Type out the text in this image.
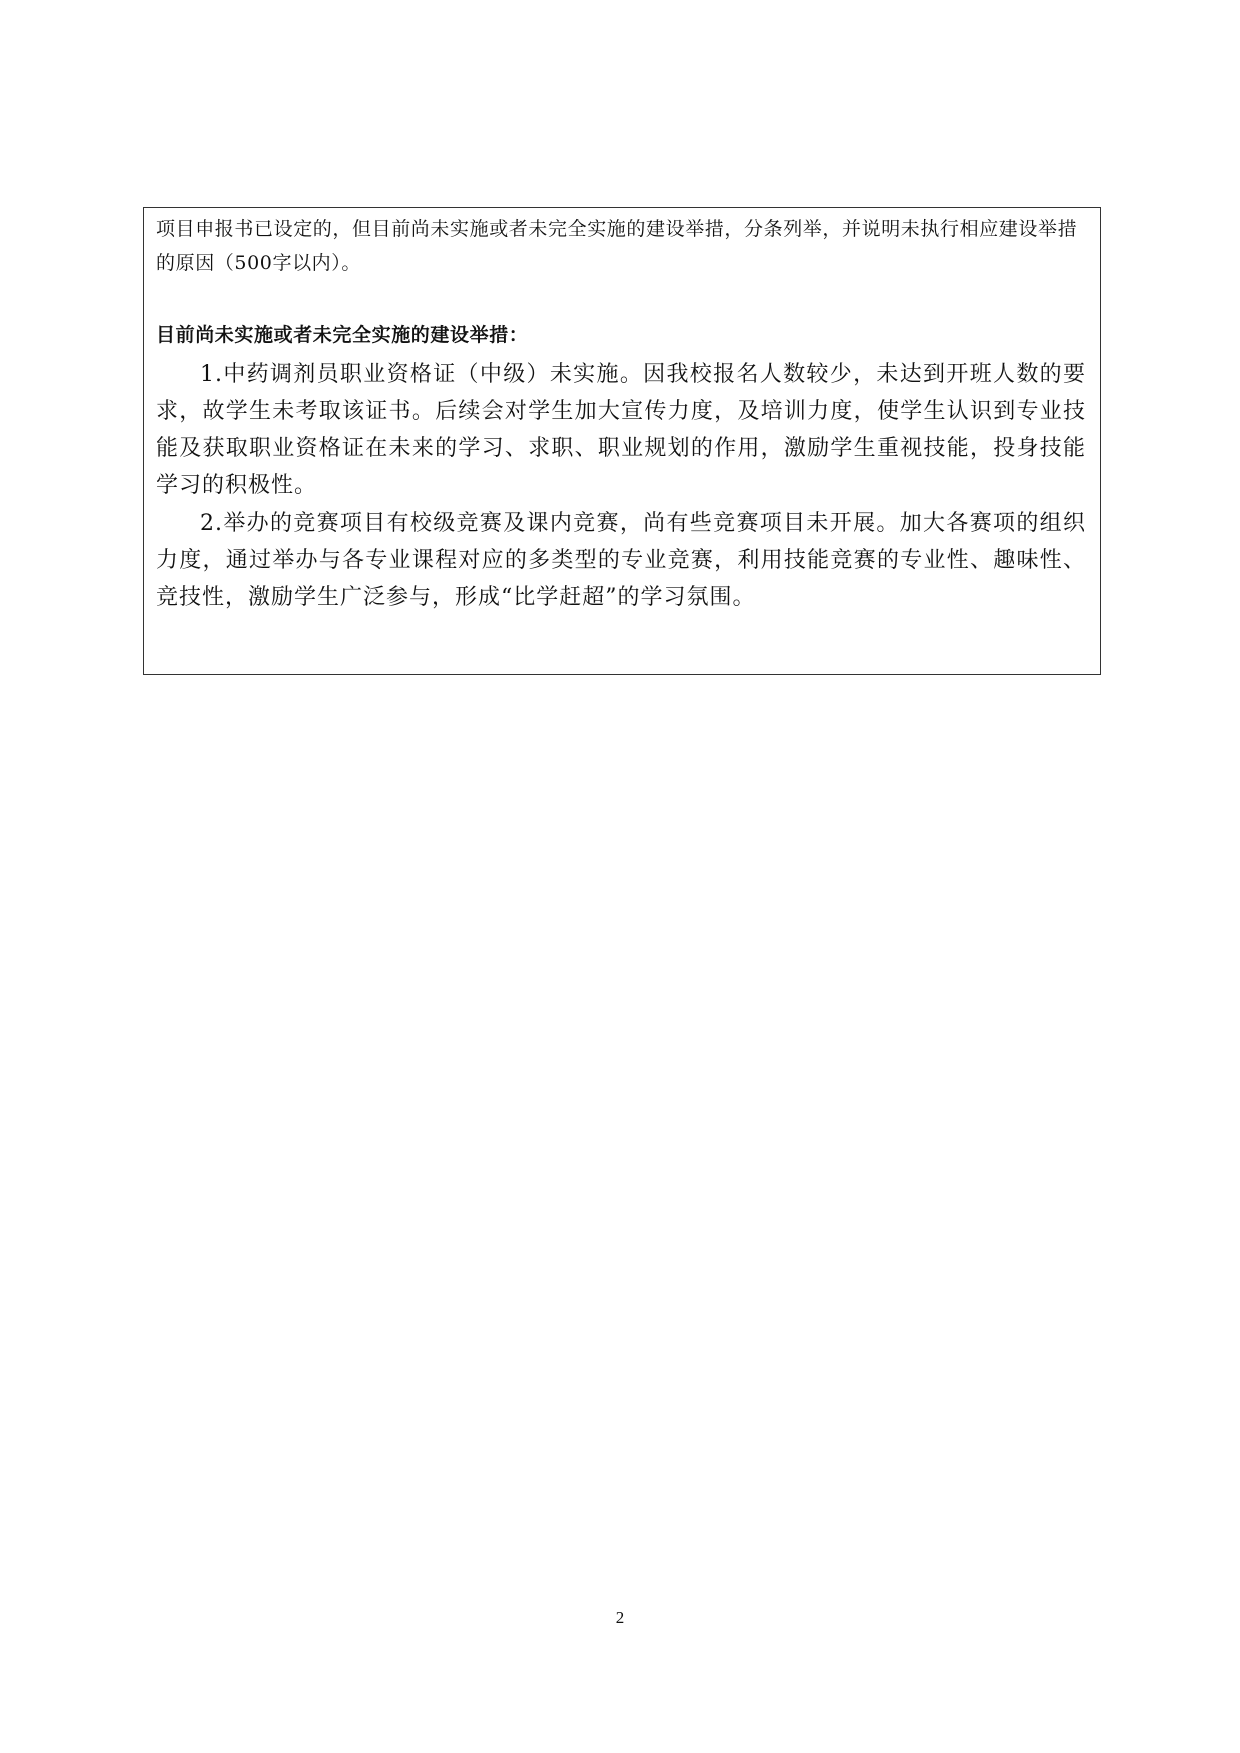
项目申报书已设定的，但目前尚未实施或者未完全实施的建设举措，分条列举，并说明未执行相应建设举措的原因（500字以内）。

目前尚未实施或者未完全实施的建设举措：

1.中药调剂员职业资格证（中级）未实施。因我校报名人数较少，未达到开班人数的要求，故学生未考取该证书。后续会对学生加大宣传力度，及培训力度，使学生认识到专业技能及获取职业资格证在未来的学习、求职、职业规划的作用，激励学生重视技能，投身技能学习的积极性。

2.举办的竞赛项目有校级竞赛及课内竞赛，尚有些竞赛项目未开展。加大各赛项的组织力度，通过举办与各专业课程对应的多类型的专业竞赛，利用技能竞赛的专业性、趣味性、竞技性，激励学生广泛参与，形成“比学赶超”的学习氛围。

2
